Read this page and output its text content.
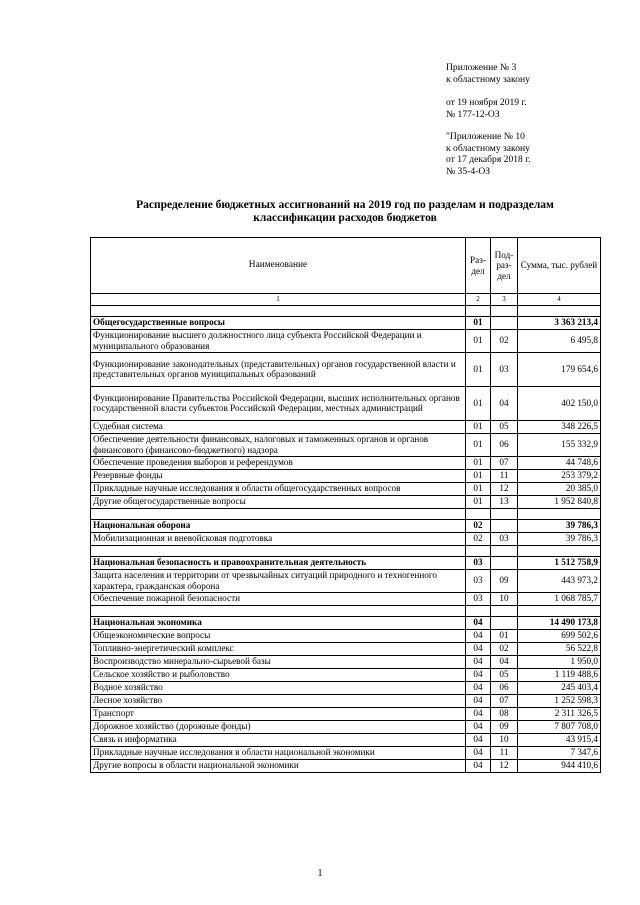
Приложение № 3
к областному закону
от 19 ноября 2019 г.
№ 177-12-ОЗ
"Приложение № 10
к областному закону
от 17 декабря 2018 г.
№ 35-4-ОЗ
Распределение бюджетных ассигнований на 2019 год по разделам и подразделам
классификации расходов бюджетов
Наименование	Раз-дел	Под-раз-дел	Сумма, тыс. рублей
1	2	3	4

Общегосударственные вопросы	01		3 363 213,4
Функционирование высшего должностного лица субъекта Российской Федерации и муниципального образования	01	02	6 495,8
Функционирование законодательных (представительных) органов государственной власти и представительных органов муниципальных образований	01	03	179 654,6
Функционирование Правительства Российской Федерации, высших исполнительных органов государственной власти субъектов Российской Федерации, местных администраций	01	04	402 150,0
Судебная система	01	05	348 226,5
Обеспечение деятельности финансовых, налоговых и таможенных органов и органов финансового (финансово-бюджетного) надзора	01	06	155 332,9
Обеспечение проведения выборов и референдумов	01	07	44 748,6
Резервные фонды	01	11	253 379,2
Прикладные научные исследования в области общегосударственных вопросов	01	12	20 385,0
Другие общегосударственные вопросы	01	13	1 952 840,8

Национальная оборона	02		39 786,3
Мобилизационная и вневойсковая подготовка	02	03	39 786,3

Национальная безопасность и правоохранительная деятельность	03		1 512 758,9
Защита населения и территории от чрезвычайных ситуаций природного и техногенного характера, гражданская оборона	03	09	443 973,2
Обеспечение пожарной безопасности	03	10	1 068 785,7

Национальная экономика	04		14 490 173,8
Общеэкономические вопросы	04	01	699 502,6
Топливно-энергетический комплекс	04	02	56 522,8
Воспроизводство минерально-сырьевой базы	04	04	1 950,0
Сельское хозяйство и рыболовство	04	05	1 119 488,6
Водное хозяйство	04	06	245 403,4
Лесное хозяйство	04	07	1 252 598,3
Транспорт	04	08	2 311 326,5
Дорожное хозяйство (дорожные фонды)	04	09	7 807 708,0
Связь и информатика	04	10	43 915,4
Прикладные научные исследования в области национальной экономики	04	11	7 347,6
Другие вопросы в области национальной экономики	04	12	944 410,6
1
